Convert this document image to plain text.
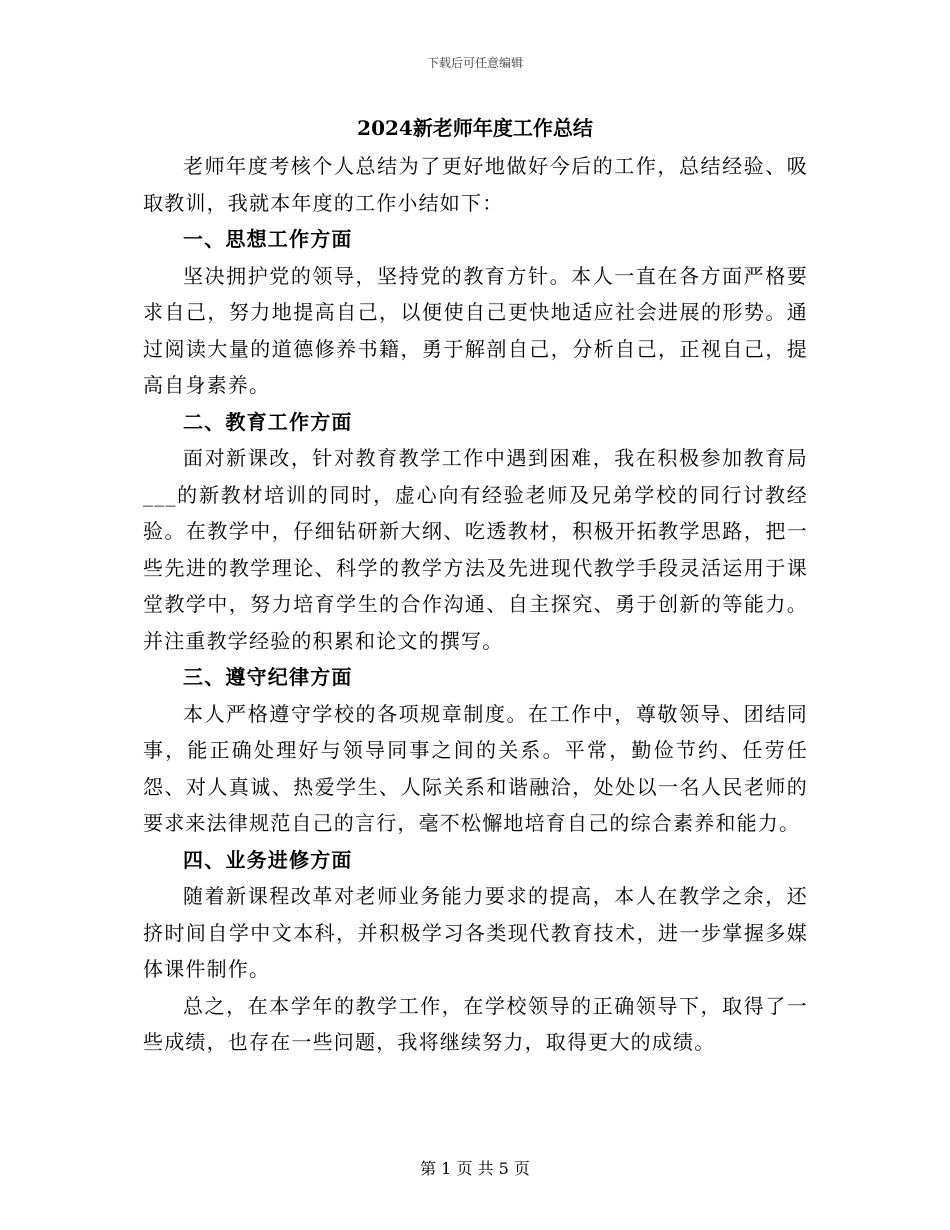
下载后可任意编辑
2024新老师年度工作总结

老师年度考核个人总结为了更好地做好今后的工作，总结经验、吸取教训，我就本年度的工作小结如下：

一、思想工作方面

坚决拥护党的领导，坚持党的教育方针。本人一直在各方面严格要求自己，努力地提高自己，以便使自己更快地适应社会进展的形势。通过阅读大量的道德修养书籍，勇于解剖自己，分析自己，正视自己，提高自身素养。

二、教育工作方面

面对新课改，针对教育教学工作中遇到困难，我在积极参加教育局___的新教材培训的同时，虚心向有经验老师及兄弟学校的同行讨教经验。在教学中，仔细钻研新大纲、吃透教材，积极开拓教学思路，把一些先进的教学理论、科学的教学方法及先进现代教学手段灵活运用于课堂教学中，努力培育学生的合作沟通、自主探究、勇于创新的等能力。并注重教学经验的积累和论文的撰写。

三、遵守纪律方面

本人严格遵守学校的各项规章制度。在工作中，尊敬领导、团结同事，能正确处理好与领导同事之间的关系。平常，勤俭节约、任劳任怨、对人真诚、热爱学生、人际关系和谐融洽，处处以一名人民老师的要求来法律规范自己的言行，毫不松懈地培育自己的综合素养和能力。

四、业务进修方面

随着新课程改革对老师业务能力要求的提高，本人在教学之余，还挤时间自学中文本科，并积极学习各类现代教育技术，进一步掌握多媒体课件制作。

总之，在本学年的教学工作，在学校领导的正确领导下，取得了一些成绩，也存在一些问题，我将继续努力，取得更大的成绩。

第 1 页 共 5 页
